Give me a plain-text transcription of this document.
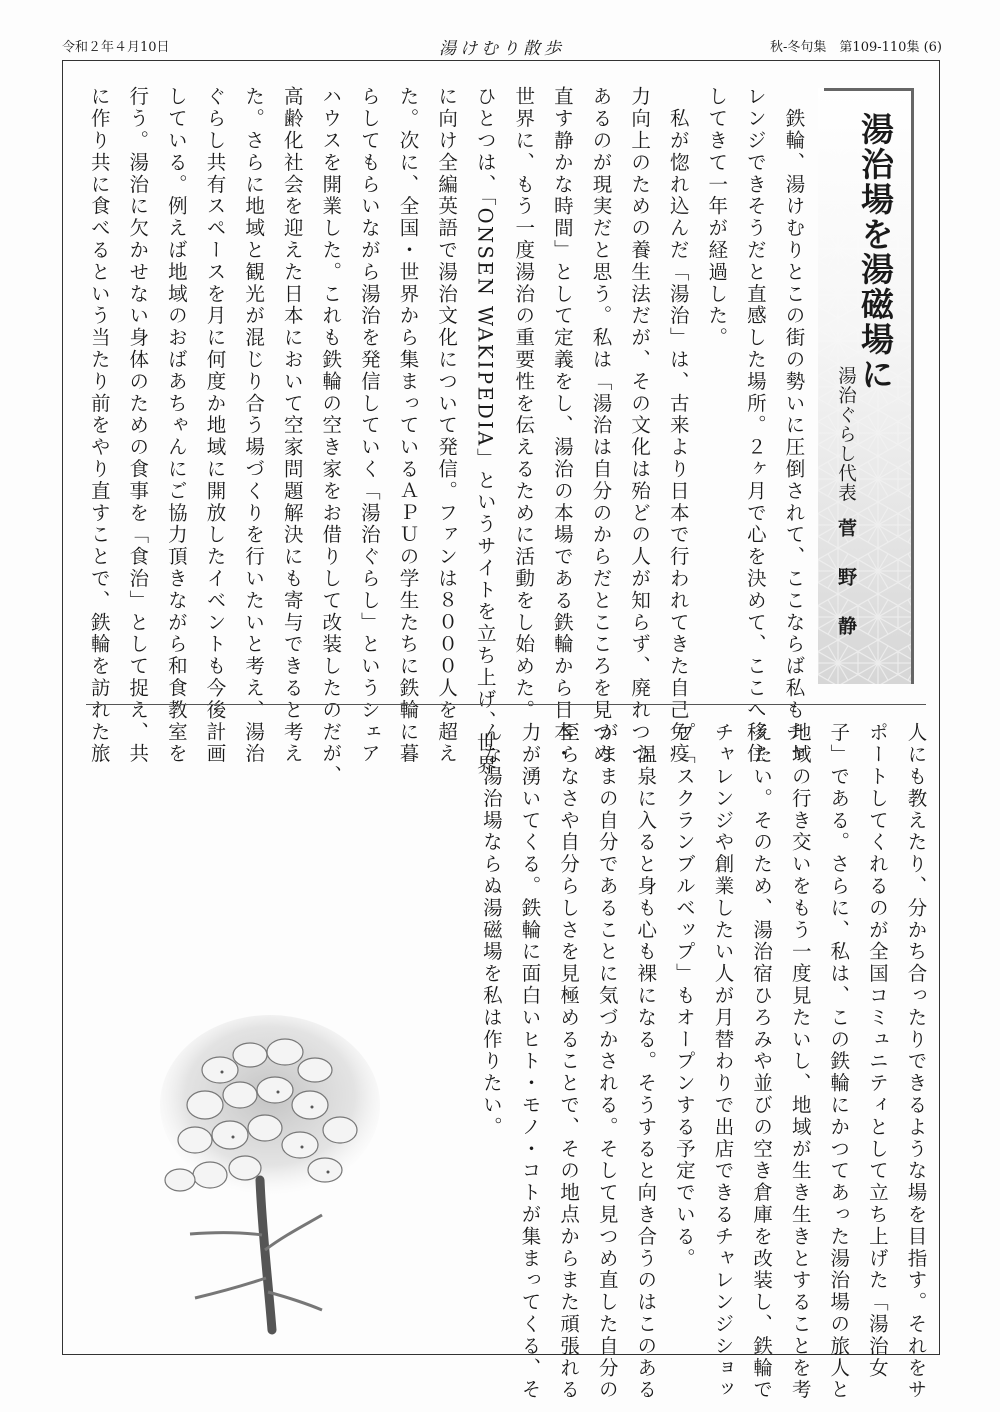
令和２年４月10日	湯けむり散歩	秋-冬句集　第109-110集 (6)
湯治場を湯磁場に
湯治ぐらし代表
菅野静
　鉄輪、湯けむりとこの街の勢いに圧倒されて、ここならば私もチャ
レンジできそうだと直感した場所。２ヶ月で心を決めて、ここへ移住
してきて一年が経過した。
　私が惚れ込んだ「湯治」は、古来より日本で行われてきた自己免疫
力向上のための養生法だが、その文化は殆どの人が知らず、廃れつつ
あるのが現実だと思う。私は「湯治は自分のからだとこころを見つめ
直す静かな時間」として定義をし、湯治の本場である鉄輪から日本・
世界に、もう一度湯治の重要性を伝えるために活動をし始めた。
ひとつは、「ONSEN WAKIPEDIA」というサイトを立ち上げ、世界
に向け全編英語で湯治文化について発信。ファンは８０００人を超え
た。次に、全国・世界から集まっているＡＰＵの学生たちに鉄輪に暮
らしてもらいながら湯治を発信していく「湯治ぐらし」というシェア
ハウスを開業した。これも鉄輪の空き家をお借りして改装したのだが、
高齢化社会を迎えた日本において空家問題解決にも寄与できると考え
た。さらに地域と観光が混じり合う場づくりを行いたいと考え、湯治
ぐらし共有スペースを月に何度か地域に開放したイベントも今後計画
している。例えば地域のおばあちゃんにご協力頂きながら和食教室を
行う。湯治に欠かせない身体のための食事を「食治」として捉え、共
に作り共に食べるという当たり前をやり直すことで、鉄輪を訪れた旅
人にも教えたり、分かち合ったりできるような場を目指す。それをサ
ポートしてくれるのが全国コミュニティとして立ち上げた「湯治女
子」である。さらに、私は、この鉄輪にかつてあった湯治場の旅人と
地域の行き交いをもう一度見たいし、地域が生き生きとすることを考
えたい。そのため、湯治宿ひろみや並びの空き倉庫を改装し、鉄輪で
チャレンジや創業したい人が月替わりで出店できるチャレンジショッ
プ「スクランブルベップ」もオープンする予定でいる。
　温泉に入ると身も心も裸になる。そうすると向き合うのはこのある
がままの自分であることに気づかされる。そして見つめ直した自分の
至らなさや自分らしさを見極めることで、その地点からまた頑張れる
力が湧いてくる。鉄輪に面白いヒト・モノ・コトが集まってくる、そ
んな湯治場ならぬ湯磁場を私は作りたい。
